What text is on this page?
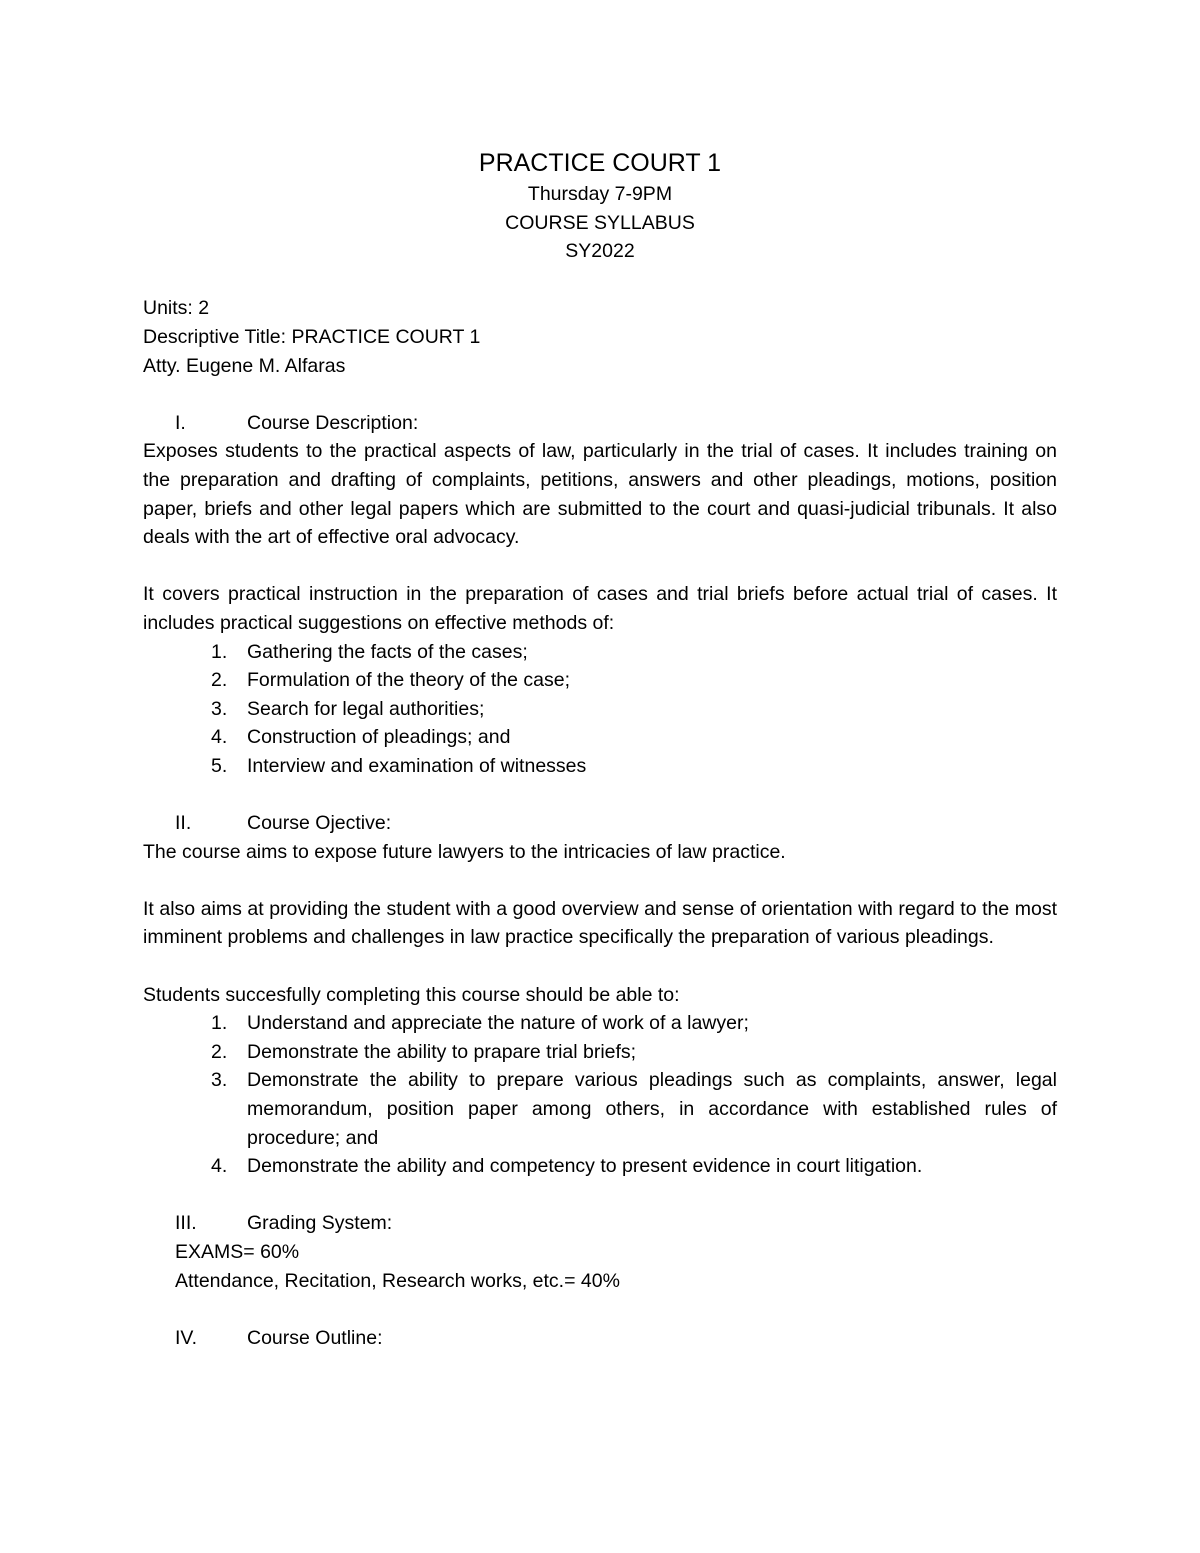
PRACTICE COURT 1
Thursday 7-9PM
COURSE SYLLABUS
SY2022
Units: 2
Descriptive Title: PRACTICE COURT 1
Atty. Eugene M. Alfaras
I.	Course Description:
Exposes students to the practical aspects of law, particularly in the trial of cases. It includes training on the preparation and drafting of complaints, petitions, answers and other pleadings, motions, position paper, briefs and other legal papers which are submitted to the court and quasi-judicial tribunals. It also deals with the art of effective oral advocacy.
It covers practical instruction in the preparation of cases and trial briefs before actual trial of cases. It includes practical suggestions on effective methods of:
1. Gathering the facts of the cases;
2. Formulation of the theory of the case;
3. Search for legal authorities;
4. Construction of pleadings; and
5. Interview and examination of witnesses
II.	Course Ojective:
The course aims to expose future lawyers to the intricacies of law practice.
It also aims at providing the student with a good overview and sense of orientation with regard to the most imminent problems and challenges in law practice specifically the preparation of various pleadings.
Students succesfully completing this course should be able to:
1. Understand and appreciate the nature of work of a lawyer;
2. Demonstrate the ability to prapare trial briefs;
3. Demonstrate the ability to prepare various pleadings such as complaints, answer, legal memorandum, position paper among others, in accordance with established rules of procedure; and
4. Demonstrate the ability and competency to present evidence in court litigation.
III.	Grading System:
EXAMS= 60%
Attendance, Recitation, Research works, etc.= 40%
IV.	Course Outline:
